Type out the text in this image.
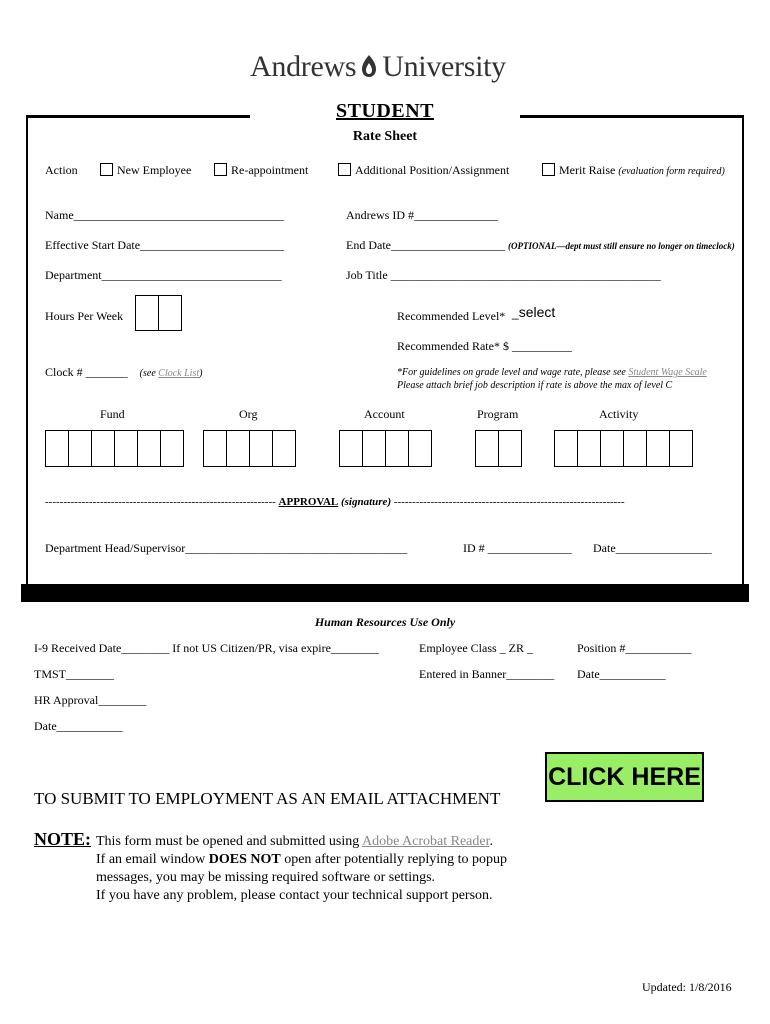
Andrews University
STUDENT
Rate Sheet
Action	New Employee	Re-appointment	Additional Position/Assignment	Merit Raise (evaluation form required)
Name___________________________________	Andrews ID #______________
Effective Start Date________________________	End Date___________________ (OPTIONAL—dept must still ensure no longer on timeclock)
Department______________________________	Job Title _____________________________________________
Hours Per Week	Recommended Level* _select
Recommended Rate* $ __________
Clock # _______ (see Clock List)	*For guidelines on grade level and wage rate, please see Student Wage Scale
Please attach brief job description if rate is above the max of level C
Fund	Org	Account	Program	Activity
--------------------------------------------------------------- APPROVAL (signature) ---------------------------------------------------------------
Department Head/Supervisor_____________________________________	ID # ______________ Date________________
Human Resources Use Only
I-9 Received Date________ If not US Citizen/PR, visa expire________	Employee Class _ ZR _	Position #___________
TMST________	Entered in Banner________ Date___________
HR Approval________
Date___________
CLICK HERE
TO SUBMIT TO EMPLOYMENT AS AN EMAIL ATTACHMENT
NOTE: This form must be opened and submitted using Adobe Acrobat Reader.
If an email window DOES NOT open after potentially replying to popup
messages, you may be missing required software or settings.
If you have any problem, please contact your technical support person.
Updated: 1/8/2016
